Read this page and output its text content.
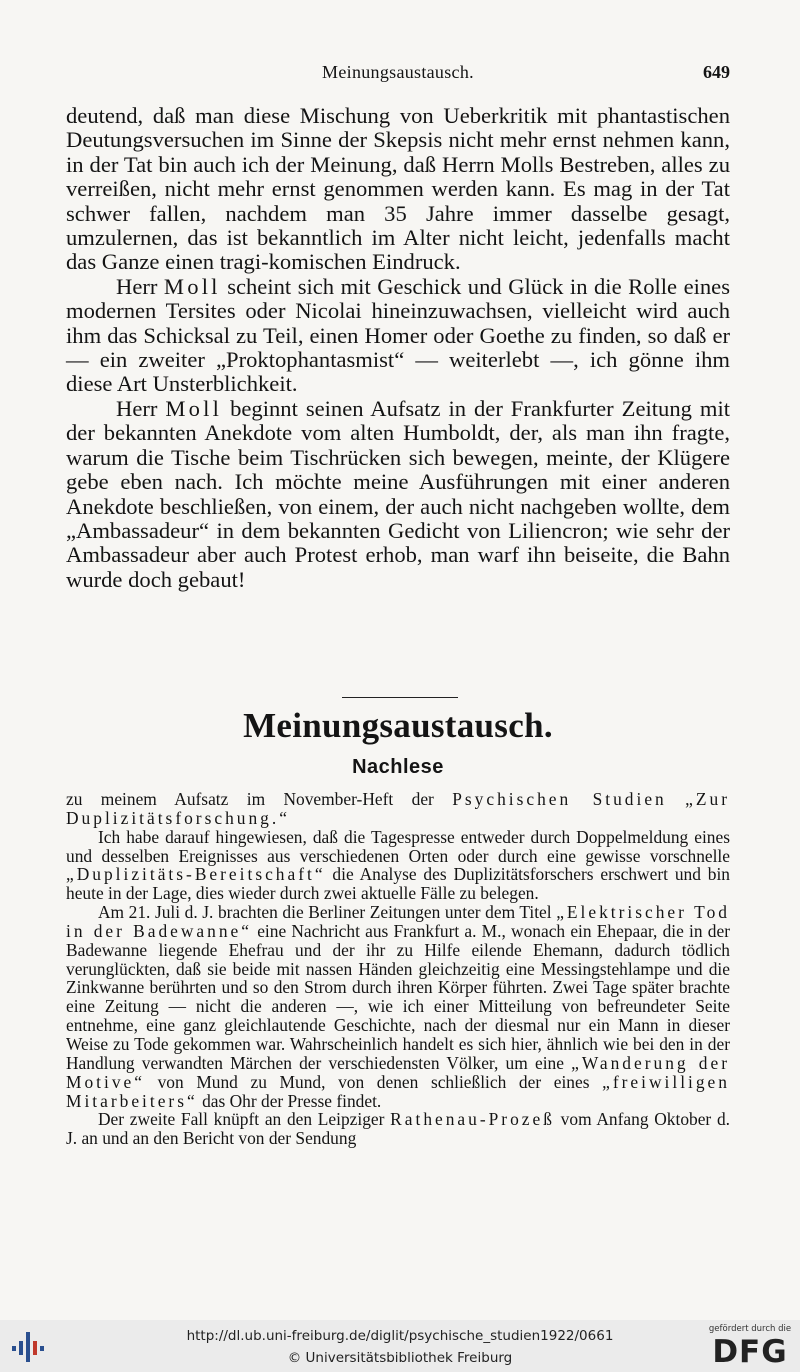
Meinungsaustausch.	649

deutend, daß man diese Mischung von Ueberkritik mit phantastischen Deutungsversuchen im Sinne der Skepsis nicht mehr ernst nehmen kann, in der Tat bin auch ich der Meinung, daß Herrn Molls Bestreben, alles zu verreißen, nicht mehr ernst genommen werden kann. Es mag in der Tat schwer fallen, nachdem man 35 Jahre immer dasselbe gesagt, umzulernen, das ist bekanntlich im Alter nicht leicht, jedenfalls macht das Ganze einen tragi-komischen Eindruck.

Herr Moll scheint sich mit Geschick und Glück in die Rolle eines modernen Tersites oder Nicolai hineinzuwachsen, vielleicht wird auch ihm das Schicksal zu Teil, einen Homer oder Goethe zu finden, so daß er — ein zweiter „Proktophantasmist“ — weiterlebt —, ich gönne ihm diese Art Unsterblichkeit.

Herr Moll beginnt seinen Aufsatz in der Frankfurter Zeitung mit der bekannten Anekdote vom alten Humboldt, der, als man ihn fragte, warum die Tische beim Tischrücken sich bewegen, meinte, der Klügere gebe eben nach. Ich möchte meine Ausführungen mit einer anderen Anekdote beschließen, von einem, der auch nicht nachgeben wollte, dem „Ambassadeur“ in dem bekannten Gedicht von Liliencron; wie sehr der Ambassadeur aber auch Protest erhob, man warf ihn beiseite, die Bahn wurde doch gebaut!

Meinungsaustausch.
Nachlese

zu meinem Aufsatz im November-Heft der Psychischen Studien „Zur Duplizitätsforschung.“

Ich habe darauf hingewiesen, daß die Tagespresse entweder durch Doppelmeldung eines und desselben Ereignisses aus verschiedenen Orten oder durch eine gewisse vorschnelle „Duplizitäts-Bereitschaft“ die Analyse des Duplizitätsforschers erschwert und bin heute in der Lage, dies wieder durch zwei aktuelle Fälle zu belegen.

Am 21. Juli d. J. brachten die Berliner Zeitungen unter dem Titel „Elektrischer Tod in der Badewanne“ eine Nachricht aus Frankfurt a. M., wonach ein Ehepaar, die in der Badewanne liegende Ehefrau und der ihr zu Hilfe eilende Ehemann, dadurch tödlich verunglückten, daß sie beide mit nassen Händen gleichzeitig eine Messingstehlampe und die Zinkwanne berührten und so den Strom durch ihren Körper führten. Zwei Tage später brachte eine Zeitung — nicht die anderen —, wie ich einer Mitteilung von befreundeter Seite entnehme, eine ganz gleichlautende Geschichte, nach der diesmal nur ein Mann in dieser Weise zu Tode gekommen war. Wahrscheinlich handelt es sich hier, ähnlich wie bei den in der Handlung verwandten Märchen der verschiedensten Völker, um eine „Wanderung der Motive“ von Mund zu Mund, von denen schließlich der eines „freiwilligen Mitarbeiters“ das Ohr der Presse findet.

Der zweite Fall knüpft an den Leipziger Rathenau-Prozeß vom Anfang Oktober d. J. an und an den Bericht von der Sendung

http://dl.ub.uni-freiburg.de/diglit/psychische_studien1922/0661
© Universitätsbibliothek Freiburg
gefördert durch die
DFG
